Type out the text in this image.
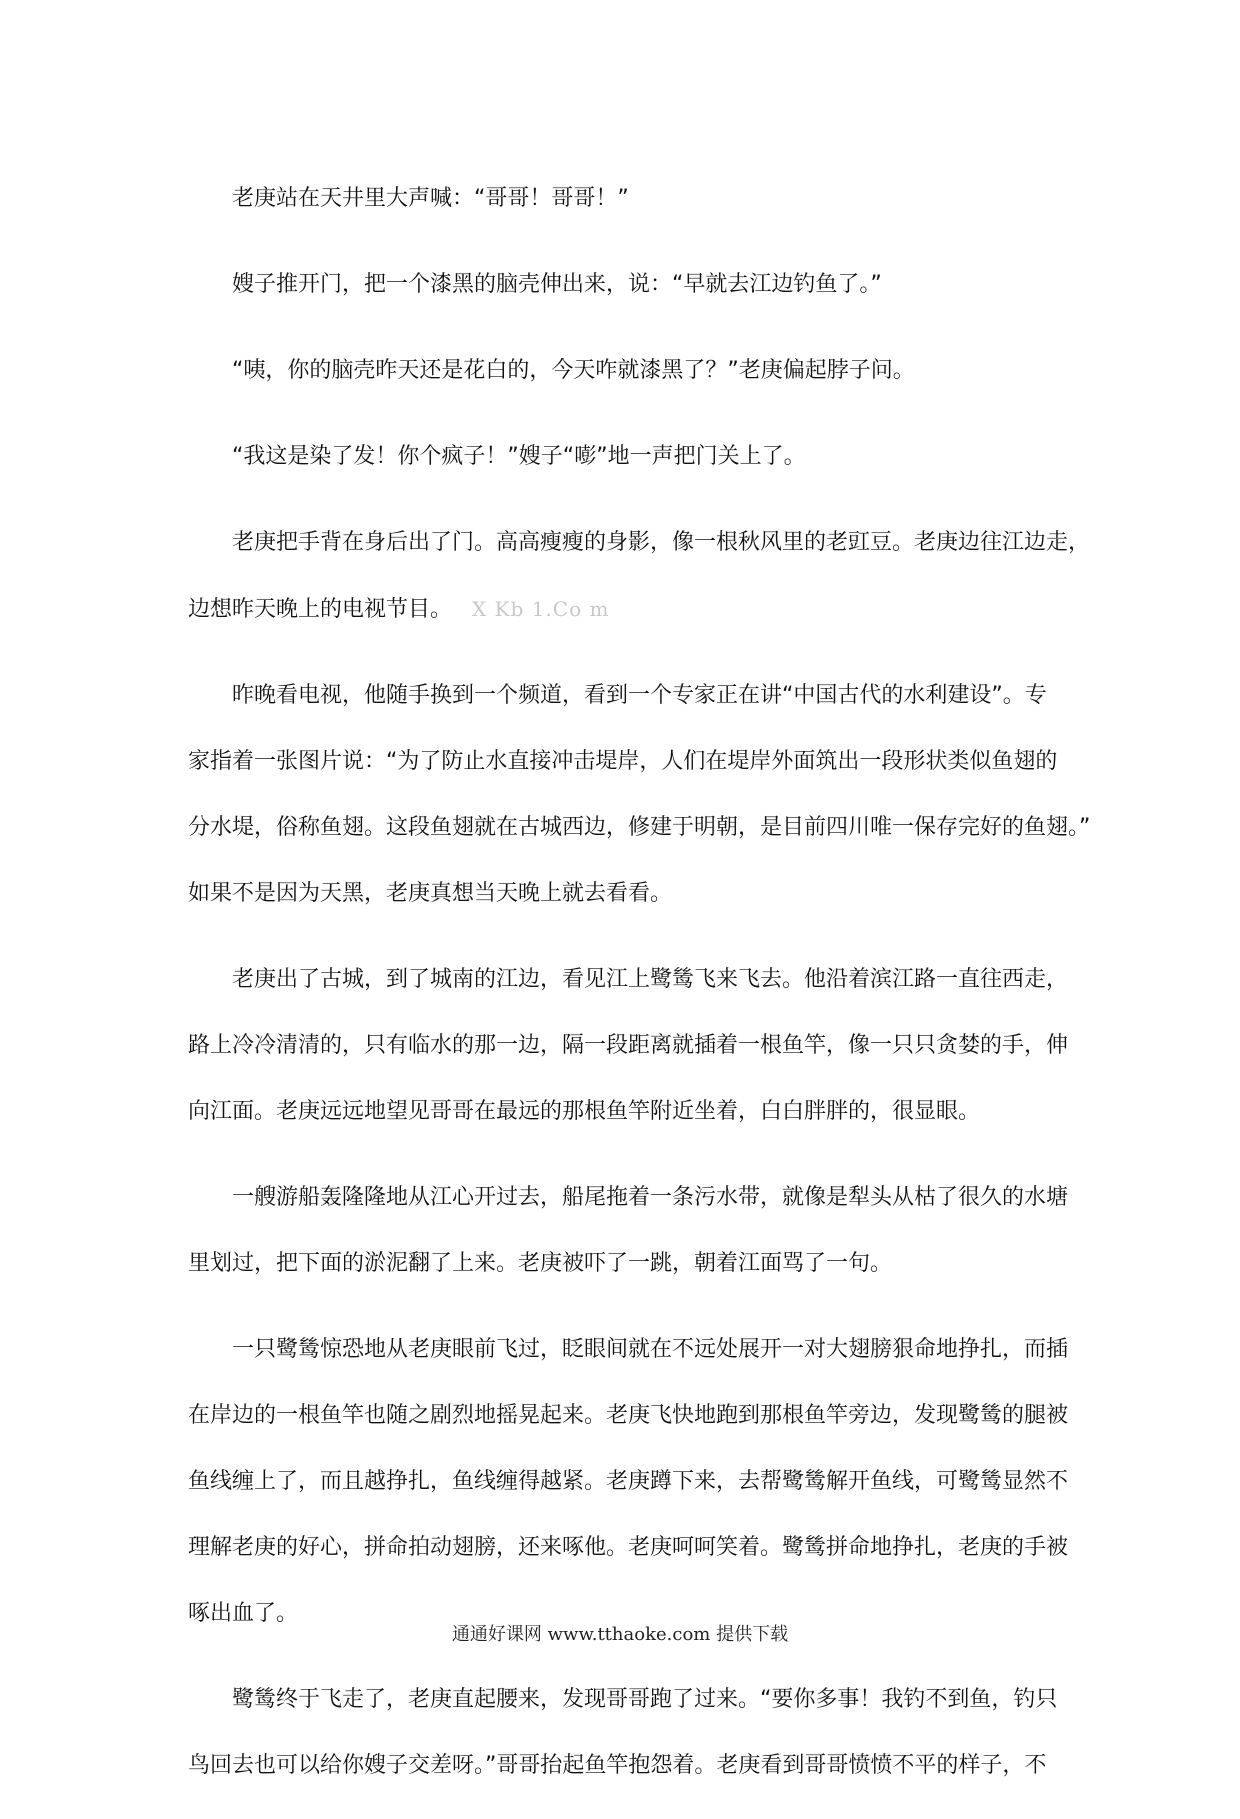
老庚站在天井里大声喊：“哥哥！哥哥！”

嫂子推开门，把一个漆黑的脑壳伸出来，说：“早就去江边钓鱼了。”

“咦，你的脑壳昨天还是花白的，今天咋就漆黑了？”老庚偏起脖子问。

“我这是染了发！你个疯子！”嫂子“嘭”地一声把门关上了。

老庚把手背在身后出了门。高高瘦瘦的身影，像一根秋风里的老豇豆。老庚边往江边走，
边想昨天晚上的电视节目。 X Kb 1.Co m

昨晚看电视，他随手换到一个频道，看到一个专家正在讲“中国古代的水利建设”。专
家指着一张图片说：“为了防止水直接冲击堤岸，人们在堤岸外面筑出一段形状类似鱼翅的
分水堤，俗称鱼翅。这段鱼翅就在古城西边，修建于明朝，是目前四川唯一保存完好的鱼翅。”
如果不是因为天黑，老庚真想当天晚上就去看看。

老庚出了古城，到了城南的江边，看见江上鹭鸶飞来飞去。他沿着滨江路一直往西走，
路上冷冷清清的，只有临水的那一边，隔一段距离就插着一根鱼竿，像一只只贪婪的手，伸
向江面。老庚远远地望见哥哥在最远的那根鱼竿附近坐着，白白胖胖的，很显眼。

一艘游船轰隆隆地从江心开过去，船尾拖着一条污水带，就像是犁头从枯了很久的水塘
里划过，把下面的淤泥翻了上来。老庚被吓了一跳，朝着江面骂了一句。

一只鹭鸶惊恐地从老庚眼前飞过，眨眼间就在不远处展开一对大翅膀狠命地挣扎，而插
在岸边的一根鱼竿也随之剧烈地摇晃起来。老庚飞快地跑到那根鱼竿旁边，发现鹭鸶的腿被
鱼线缠上了，而且越挣扎，鱼线缠得越紧。老庚蹲下来，去帮鹭鸶解开鱼线，可鹭鸶显然不
理解老庚的好心，拼命拍动翅膀，还来啄他。老庚呵呵笑着。鹭鸶拼命地挣扎，老庚的手被
啄出血了。

鹭鸶终于飞走了，老庚直起腰来，发现哥哥跑了过来。“要你多事！我钓不到鱼，钓只
鸟回去也可以给你嫂子交差呀。”哥哥抬起鱼竿抱怨着。老庚看到哥哥愤愤不平的样子，不

通通好课网 www.tthaoke.com 提供下载
